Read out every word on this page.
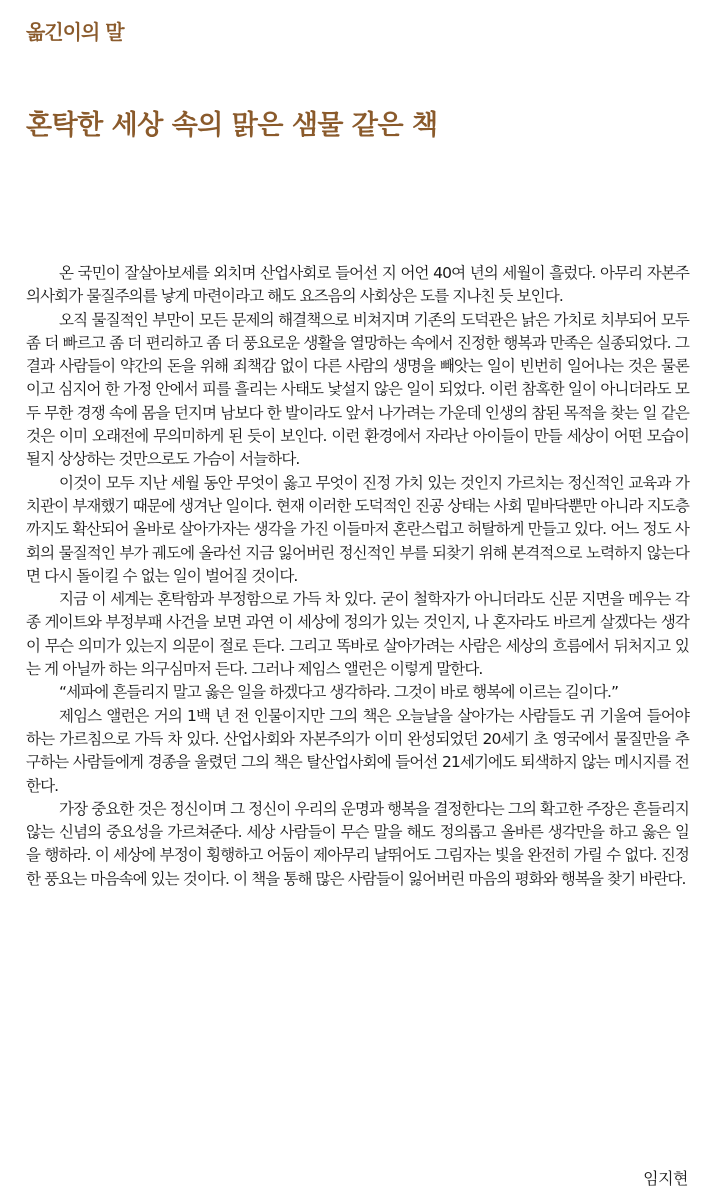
옮긴이의 말
혼탁한 세상 속의 맑은 샘물 같은 책

온 국민이 잘살아보세를 외치며 산업사회로 들어선 지 어언 40여 년의 세월이 흘렀다. 아무리 자본주의사회가 물질주의를 낳게 마련이라고 해도 요즈음의 사회상은 도를 지나친 듯 보인다.

오직 물질적인 부만이 모든 문제의 해결책으로 비쳐지며 기존의 도덕관은 낡은 가치로 치부되어 모두 좀 더 빠르고 좀 더 편리하고 좀 더 풍요로운 생활을 열망하는 속에서 진정한 행복과 만족은 실종되었다. 그 결과 사람들이 약간의 돈을 위해 죄책감 없이 다른 사람의 생명을 빼앗는 일이 빈번히 일어나는 것은 물론이고 심지어 한 가정 안에서 피를 흘리는 사태도 낯설지 않은 일이 되었다. 이런 참혹한 일이 아니더라도 모두 무한 경쟁 속에 몸을 던지며 남보다 한 발이라도 앞서 나가려는 가운데 인생의 참된 목적을 찾는 일 같은 것은 이미 오래전에 무의미하게 된 듯이 보인다. 이런 환경에서 자라난 아이들이 만들 세상이 어떤 모습이 될지 상상하는 것만으로도 가슴이 서늘하다.

이것이 모두 지난 세월 동안 무엇이 옳고 무엇이 진정 가치 있는 것인지 가르치는 정신적인 교육과 가치관이 부재했기 때문에 생겨난 일이다. 현재 이러한 도덕적인 진공 상태는 사회 밑바닥뿐만 아니라 지도층까지도 확산되어 올바로 살아가자는 생각을 가진 이들마저 혼란스럽고 허탈하게 만들고 있다. 어느 정도 사회의 물질적인 부가 궤도에 올라선 지금 잃어버린 정신적인 부를 되찾기 위해 본격적으로 노력하지 않는다면 다시 돌이킬 수 없는 일이 벌어질 것이다.

지금 이 세계는 혼탁함과 부정함으로 가득 차 있다. 굳이 철학자가 아니더라도 신문 지면을 메우는 각종 게이트와 부정부패 사건을 보면 과연 이 세상에 정의가 있는 것인지, 나 혼자라도 바르게 살겠다는 생각이 무슨 의미가 있는지 의문이 절로 든다. 그리고 똑바로 살아가려는 사람은 세상의 흐름에서 뒤처지고 있는 게 아닐까 하는 의구심마저 든다. 그러나 제임스 앨런은 이렇게 말한다.

“세파에 흔들리지 말고 옳은 일을 하겠다고 생각하라. 그것이 바로 행복에 이르는 길이다.”

제임스 앨런은 거의 1백 년 전 인물이지만 그의 책은 오늘날을 살아가는 사람들도 귀 기울여 들어야 하는 가르침으로 가득 차 있다. 산업사회와 자본주의가 이미 완성되었던 20세기 초 영국에서 물질만을 추구하는 사람들에게 경종을 울렸던 그의 책은 탈산업사회에 들어선 21세기에도 퇴색하지 않는 메시지를 전한다.

가장 중요한 것은 정신이며 그 정신이 우리의 운명과 행복을 결정한다는 그의 확고한 주장은 흔들리지 않는 신념의 중요성을 가르쳐준다. 세상 사람들이 무슨 말을 해도 정의롭고 올바른 생각만을 하고 옳은 일을 행하라. 이 세상에 부정이 횡행하고 어둠이 제아무리 날뛰어도 그림자는 빛을 완전히 가릴 수 없다. 진정한 풍요는 마음속에 있는 것이다. 이 책을 통해 많은 사람들이 잃어버린 마음의 평화와 행복을 찾기 바란다.

임지현
